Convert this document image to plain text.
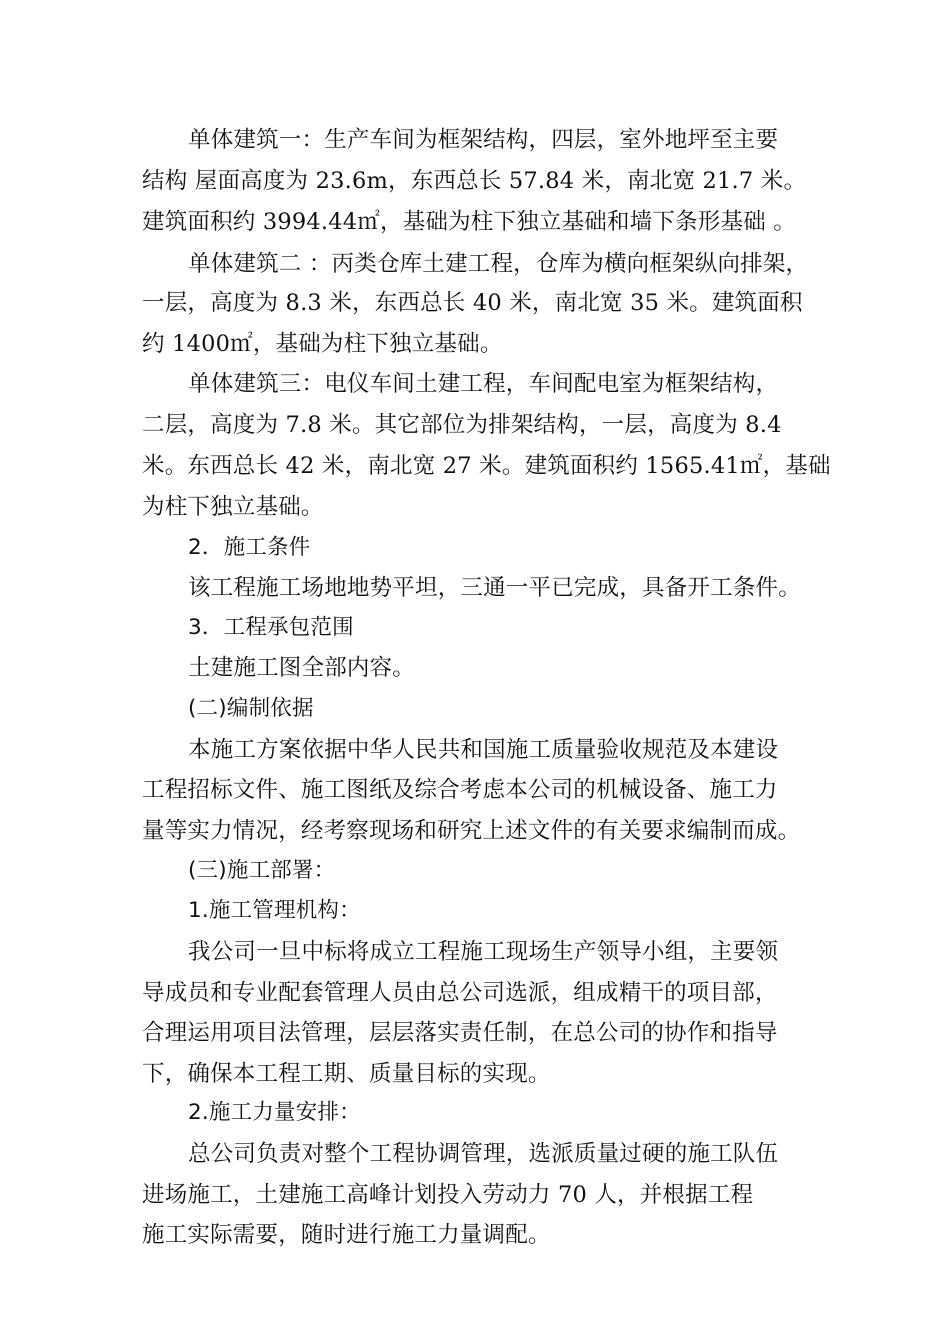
单体建筑一：生产车间为框架结构，四层，室外地坪至主要
结构 屋面高度为 23.6m，东西总长 57.84 米，南北宽 21.7 米。
建筑面积约 3994.44㎡，基础为柱下独立基础和墙下条形基础 。
单体建筑二 ：丙类仓库土建工程，仓库为横向框架纵向排架，
一层，高度为 8.3 米，东西总长 40 米，南北宽 35 米。建筑面积
约 1400㎡，基础为柱下独立基础。
单体建筑三：电仪车间土建工程，车间配电室为框架结构，
二层，高度为 7.8 米。其它部位为排架结构，一层，高度为 8.4
米。东西总长 42 米，南北宽 27 米。建筑面积约 1565.41㎡，基础
为柱下独立基础。
2．施工条件
该工程施工场地地势平坦，三通一平已完成，具备开工条件。
3．工程承包范围
土建施工图全部内容。
(二)编制依据
本施工方案依据中华人民共和国施工质量验收规范及本建设
工程招标文件、施工图纸及综合考虑本公司的机械设备、施工力
量等实力情况，经考察现场和研究上述文件的有关要求编制而成。
(三)施工部署：
1.施工管理机构：
我公司一旦中标将成立工程施工现场生产领导小组，主要领
导成员和专业配套管理人员由总公司选派，组成精干的项目部，
合理运用项目法管理，层层落实责任制，在总公司的协作和指导
下，确保本工程工期、质量目标的实现。
2.施工力量安排：
总公司负责对整个工程协调管理，选派质量过硬的施工队伍
进场施工，土建施工高峰计划投入劳动力 70 人，并根据工程
施工实际需要，随时进行施工力量调配。
